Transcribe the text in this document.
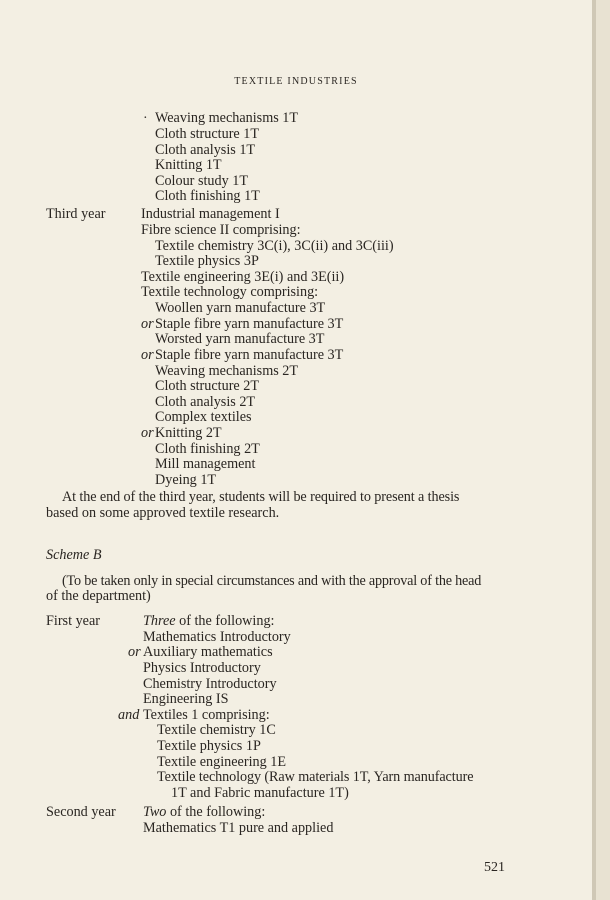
TEXTILE INDUSTRIES
· Weaving mechanisms 1T
Cloth structure 1T
Cloth analysis 1T
Knitting 1T
Colour study 1T
Cloth finishing 1T
Third year	Industrial management I
Fibre science II comprising:
Textile chemistry 3C(i), 3C(ii) and 3C(iii)
Textile physics 3P
Textile engineering 3E(i) and 3E(ii)
Textile technology comprising:
Woollen yarn manufacture 3T
or Staple fibre yarn manufacture 3T
Worsted yarn manufacture 3T
or Staple fibre yarn manufacture 3T
Weaving mechanisms 2T
Cloth structure 2T
Cloth analysis 2T
Complex textiles
or Knitting 2T
Cloth finishing 2T
Mill management
Dyeing 1T
At the end of the third year, students will be required to present a thesis
based on some approved textile research.
Scheme B
(To be taken only in special circumstances and with the approval of the head
of the department)
First year	Three of the following:
Mathematics Introductory
or Auxiliary mathematics
Physics Introductory
Chemistry Introductory
Engineering IS
and Textiles 1 comprising:
Textile chemistry 1C
Textile physics 1P
Textile engineering 1E
Textile technology (Raw materials 1T, Yarn manufacture
1T and Fabric manufacture 1T)
Second year Two of the following:
Mathematics T1 pure and applied
521
